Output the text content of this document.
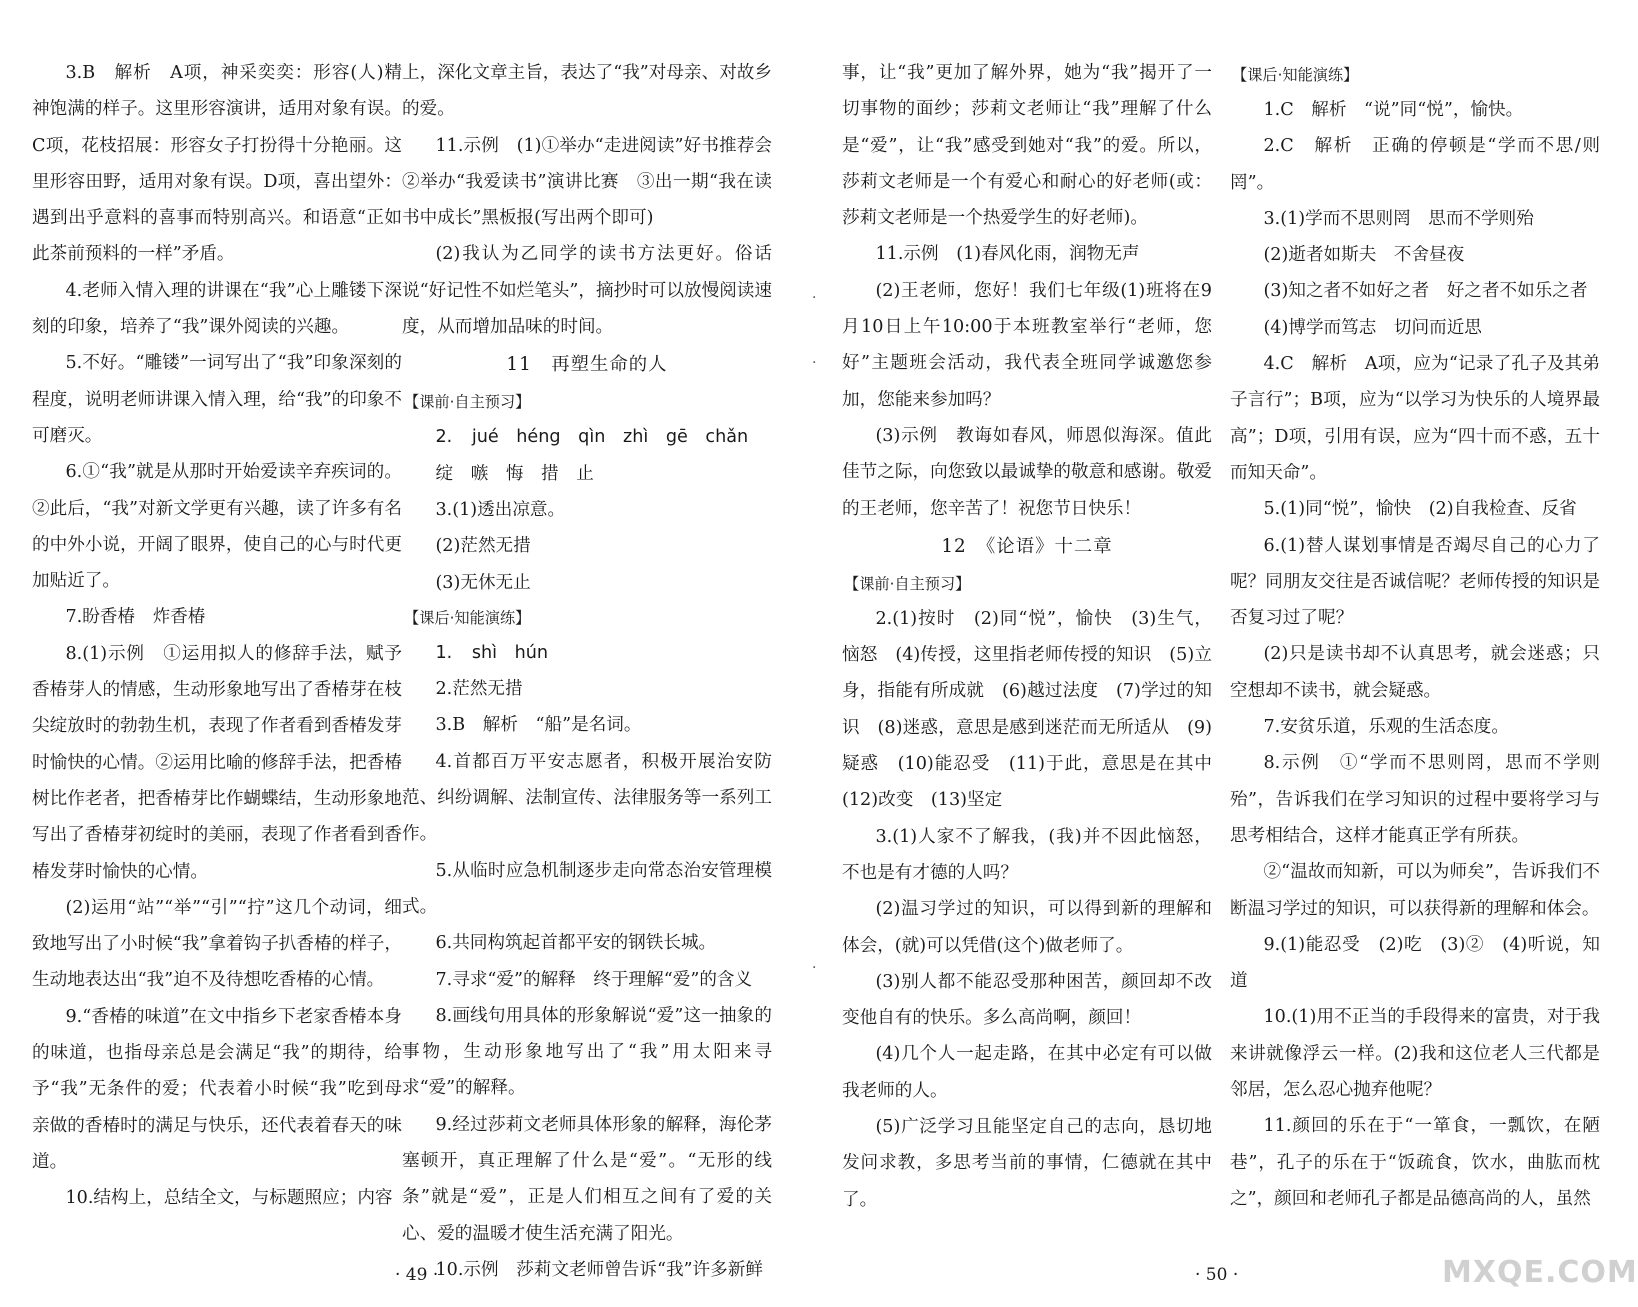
3.B　解析　A项，神采奕奕：形容(人)精神饱满的样子。这里形容演讲，适用对象有误。C项，花枝招展：形容女子打扮得十分艳丽。这里形容田野，适用对象有误。D项，喜出望外：遇到出乎意料的喜事而特别高兴。和语意“正如此茶前预料的一样”矛盾。

4.老师入情入理的讲课在“我”心上雕镂下深刻的印象，培养了“我”课外阅读的兴趣。

5.不好。“雕镂”一词写出了“我”印象深刻的程度，说明老师讲课入情入理，给“我”的印象不可磨灭。

6.①“我”就是从那时开始爱读辛弃疾词的。②此后，“我”对新文学更有兴趣，读了许多有名的中外小说，开阔了眼界，使自己的心与时代更加贴近了。

7.盼香椿　炸香椿

8.(1)示例　①运用拟人的修辞手法，赋予香椿芽人的情感，生动形象地写出了香椿芽在枝尖绽放时的勃勃生机，表现了作者看到香椿发芽时愉快的心情。②运用比喻的修辞手法，把香椿树比作老者，把香椿芽比作蝴蝶结，生动形象地写出了香椿芽初绽时的美丽，表现了作者看到香椿发芽时愉快的心情。

(2)运用“站”“举”“引”“拧”这几个动词，细致地写出了小时候“我”拿着钩子扒香椿的样子，生动地表达出“我”迫不及待想吃香椿的心情。

9.“香椿的味道”在文中指乡下老家香椿本身的味道，也指母亲总是会满足“我”的期待，给予“我”无条件的爱；代表着小时候“我”吃到母亲做的香椿时的满足与快乐，还代表着春天的味道。

10.结构上，总结全文，与标题照应；内容

上，深化文章主旨，表达了“我”对母亲、对故乡的爱。

11.示例　(1)①举办“走进阅读”好书推荐会　②举办“我爱读书”演讲比赛　③出一期“我在读书中成长”黑板报(写出两个即可)

(2)我认为乙同学的读书方法更好。俗话说“好记性不如烂笔头”，摘抄时可以放慢阅读速度，从而增加品味的时间。

11　再塑生命的人

【课前·自主预习】

2. jué　héng　qìn　zhì　gē　chǎn

绽　嗾　悔　措　止

3.(1)透出凉意。

(2)茫然无措

(3)无休无止

【课后·知能演练】

1. shì　hún

2.茫然无措

3.B　解析　“船”是名词。

4.首都百万平安志愿者，积极开展治安防范、纠纷调解、法制宣传、法律服务等一系列工作。

5.从临时应急机制逐步走向常态治安管理模式。

6.共同构筑起首都平安的钢铁长城。

7.寻求“爱”的解释　终于理解“爱”的含义

8.画线句用具体的形象解说“爱”这一抽象的事物，生动形象地写出了“我”用太阳来寻求“爱”的解释。

9.经过莎莉文老师具体形象的解释，海伦茅塞顿开，真正理解了什么是“爱”。“无形的线条”就是“爱”，正是人们相互之间有了爱的关心、爱的温暖才使生活充满了阳光。

10.示例　莎莉文老师曾告诉“我”许多新鲜

·
·
·

事，让“我”更加了解外界，她为“我”揭开了一切事物的面纱；莎莉文老师让“我”理解了什么是“爱”，让“我”感受到她对“我”的爱。所以，莎莉文老师是一个有爱心和耐心的好老师(或：莎莉文老师是一个热爱学生的好老师)。

11.示例　(1)春风化雨，润物无声

(2)王老师，您好！我们七年级(1)班将在9月10日上午10:00于本班教室举行“老师，您好”主题班会活动，我代表全班同学诚邀您参加，您能来参加吗？

(3)示例　教诲如春风，师恩似海深。值此佳节之际，向您致以最诚挚的敬意和感谢。敬爱的王老师，您辛苦了！祝您节日快乐！

12　《论语》十二章

【课前·自主预习】

2.(1)按时　(2)同“悦”，愉快　(3)生气，恼怒　(4)传授，这里指老师传授的知识　(5)立身，指能有所成就　(6)越过法度　(7)学过的知识　(8)迷惑，意思是感到迷茫而无所适从　(9)疑惑　(10)能忍受　(11)于此，意思是在其中　(12)改变　(13)坚定

3.(1)人家不了解我，(我)并不因此恼怒，不也是有才德的人吗？

(2)温习学过的知识，可以得到新的理解和体会，(就)可以凭借(这个)做老师了。

(3)别人都不能忍受那种困苦，颜回却不改变他自有的快乐。多么高尚啊，颜回！

(4)几个人一起走路，在其中必定有可以做我老师的人。

(5)广泛学习且能坚定自己的志向，恳切地发问求教，多思考当前的事情，仁德就在其中了。

【课后·知能演练】

1.C　解析　“说”同“悦”，愉快。

2.C　解析　正确的停顿是“学而不思/则罔”。

3.(1)学而不思则罔　思而不学则殆

(2)逝者如斯夫　不舍昼夜

(3)知之者不如好之者　好之者不如乐之者

(4)博学而笃志　切问而近思

4.C　解析　A项，应为“记录了孔子及其弟子言行”；B项，应为“以学习为快乐的人境界最高”；D项，引用有误，应为“四十而不惑，五十而知天命”。

5.(1)同“悦”，愉快　(2)自我检查、反省

6.(1)替人谋划事情是否竭尽自己的心力了呢？同朋友交往是否诚信呢？老师传授的知识是否复习过了呢？

(2)只是读书却不认真思考，就会迷惑；只空想却不读书，就会疑惑。

7.安贫乐道，乐观的生活态度。

8.示例　①“学而不思则罔，思而不学则殆”，告诉我们在学习知识的过程中要将学习与思考相结合，这样才能真正学有所获。

②“温故而知新，可以为师矣”，告诉我们不断温习学过的知识，可以获得新的理解和体会。

9.(1)能忍受　(2)吃　(3)②　(4)听说，知道

10.(1)用不正当的手段得来的富贵，对于我来讲就像浮云一样。(2)我和这位老人三代都是邻居，怎么忍心抛弃他呢？

11.颜回的乐在于“一箪食，一瓢饮，在陋巷”，孔子的乐在于“饭疏食，饮水，曲肱而枕之”，颜回和老师孔子都是品德高尚的人，虽然

· 49 ·	· 50 ·	MXQE.COM
